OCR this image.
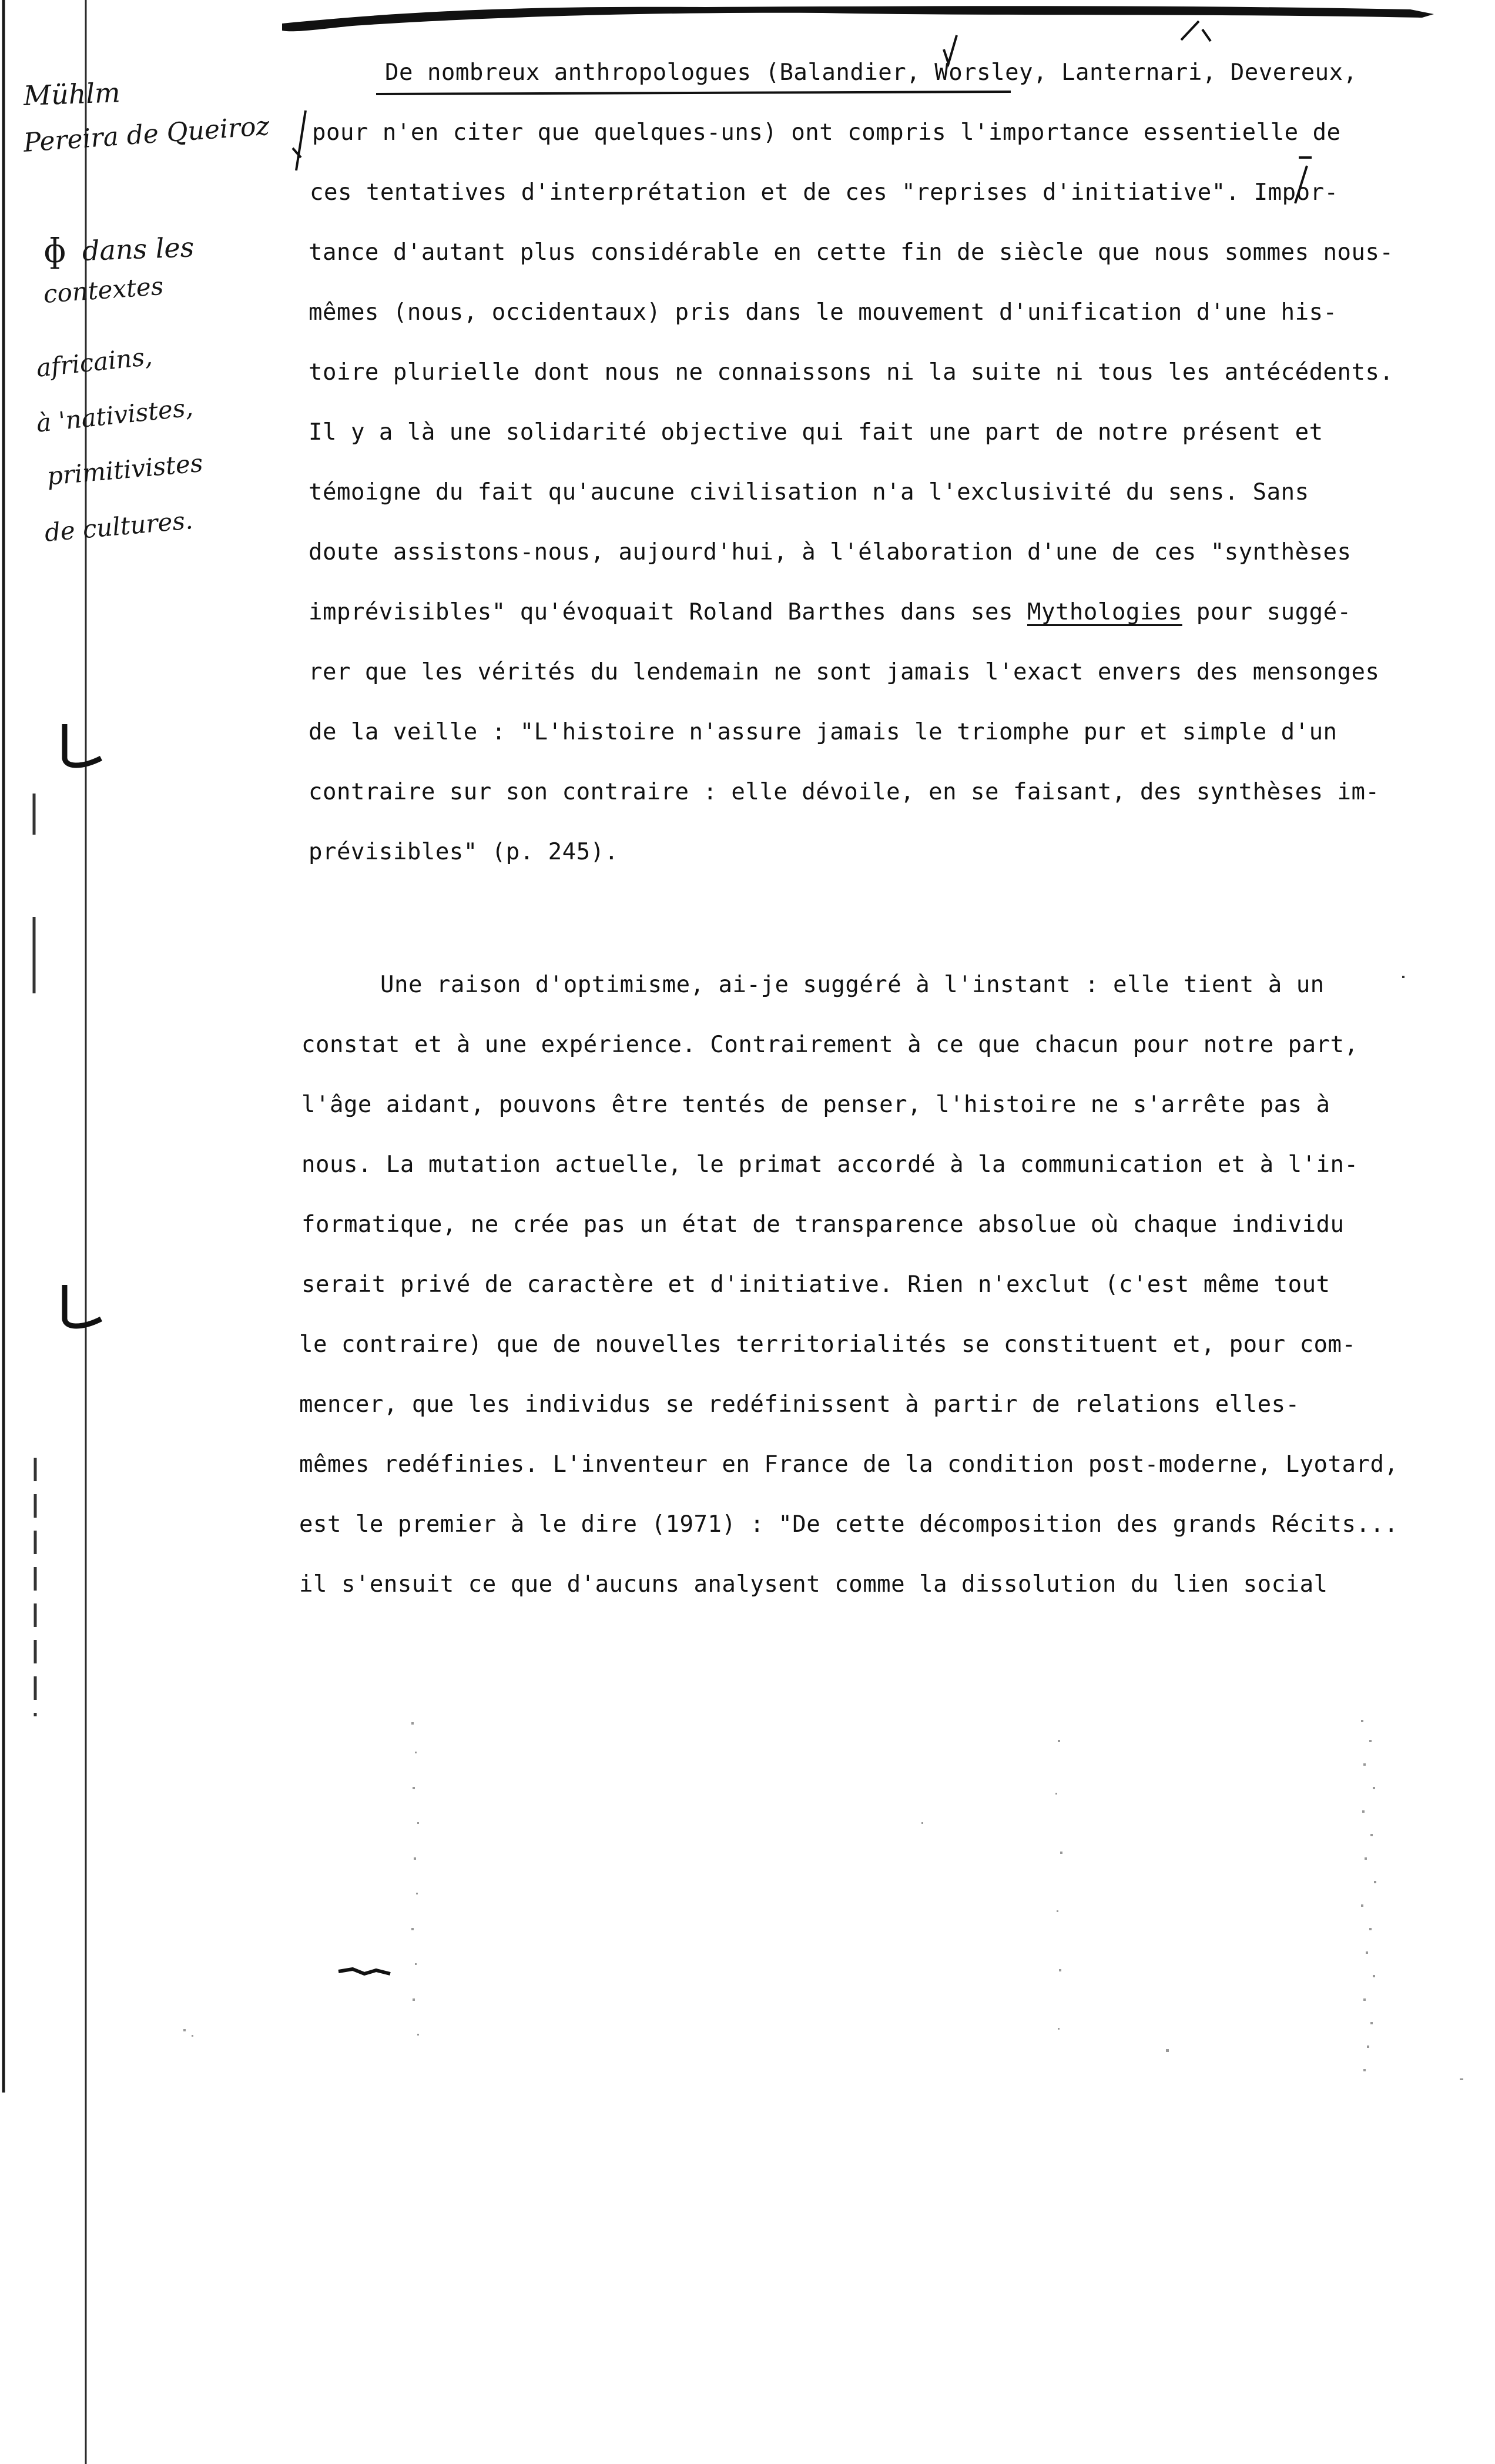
De nombreux anthropologues (Balandier, Worsley, Lanternari, Devereux,
pour n'en citer que quelques-uns) ont compris l'importance essentielle de
ces tentatives d'interprétation et de ces "reprises d'initiative". Impor-
tance d'autant plus considérable en cette fin de siècle que nous sommes nous-
mêmes (nous, occidentaux) pris dans le mouvement d'unification d'une his-
toire plurielle dont nous ne connaissons ni la suite ni tous les antécédents.
Il y a là une solidarité objective qui fait une part de notre présent et
témoigne du fait qu'aucune civilisation n'a l'exclusivité du sens. Sans
doute assistons-nous, aujourd'hui, à l'élaboration d'une de ces "synthèses
imprévisibles" qu'évoquait Roland Barthes dans ses Mythologies pour suggé-
rer que les vérités du lendemain ne sont jamais l'exact envers des mensonges
de la veille : "L'histoire n'assure jamais le triomphe pur et simple d'un
contraire sur son contraire : elle dévoile, en se faisant, des synthèses im-
prévisibles" (p. 245).
Une raison d'optimisme, ai-je suggéré à l'instant : elle tient à un
constat et à une expérience. Contrairement à ce que chacun pour notre part,
l'âge aidant, pouvons être tentés de penser, l'histoire ne s'arrête pas à
nous. La mutation actuelle, le primat accordé à la communication et à l'in-
formatique, ne crée pas un état de transparence absolue où chaque individu
serait privé de caractère et d'initiative. Rien n'exclut (c'est même tout
le contraire) que de nouvelles territorialités se constituent et, pour com-
mencer, que les individus se redéfinissent à partir de relations elles-
mêmes redéfinies. L'inventeur en France de la condition post-moderne, Lyotard,
est le premier à le dire (1971) : "De cette décomposition des grands Récits...
il s'ensuit ce que d'aucuns analysent comme la dissolution du lien social
Mühlm
Pereira de Queiroz
ɸ dans les
contextes
africains,
à 'nativistes,
primitivistes
de cultures.
